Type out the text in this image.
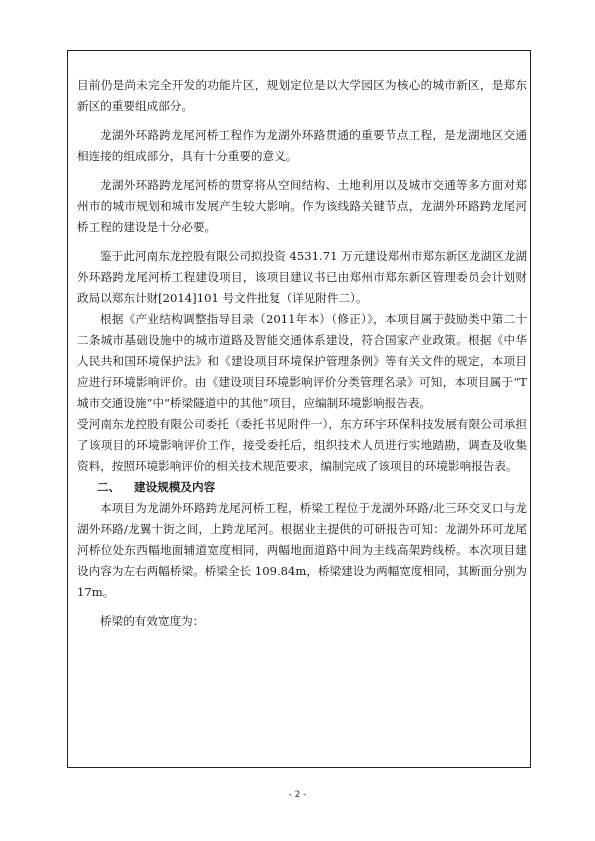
目前仍是尚未完全开发的功能片区，规划定位是以大学园区为核心的城市新区，是郑东新区的重要组成部分。

龙湖外环路跨龙尾河桥工程作为龙湖外环路贯通的重要节点工程，是龙湖地区交通相连接的组成部分，具有十分重要的意义。

龙湖外环路跨龙尾河桥的贯穿将从空间结构、土地利用以及城市交通等多方面对郑州市的城市规划和城市发展产生较大影响。作为该线路关键节点，龙湖外环路跨龙尾河桥工程的建设是十分必要。

鉴于此河南东龙控股有限公司拟投资 4531.71 万元建设郑州市郑东新区龙湖区龙湖外环路跨龙尾河桥工程建设项目，该项目建议书已由郑州市郑东新区管理委员会计划财政局以郑东计财[2014]101 号文件批复（详见附件二）。

根据《产业结构调整指导目录（2011年本）（修正）》，本项目属于鼓励类中第二十二条城市基础设施中的城市道路及智能交通体系建设，符合国家产业政策。根据《中华人民共和国环境保护法》和《建设项目环境保护管理条例》等有关文件的规定，本项目应进行环境影响评价。由《建设项目环境影响评价分类管理名录》可知，本项目属于“T城市交通设施”中“桥梁隧道中的其他”项目，应编制环境影响报告表。

受河南东龙控股有限公司委托（委托书见附件一），东方环宇环保科技发展有限公司承担了该项目的环境影响评价工作，接受委托后，组织技术人员进行实地踏勘，调查及收集资料，按照环境影响评价的相关技术规范要求，编制完成了该项目的环境影响报告表。

二、 建设规模及内容

本项目为龙湖外环路跨龙尾河桥工程，桥梁工程位于龙湖外环路/北三环交叉口与龙湖外环路/龙翼十街之间，上跨龙尾河。根据业主提供的可研报告可知：龙湖外环可龙尾河桥位处东西幅地面辅道宽度相同，两幅地面道路中间为主线高架跨线桥。本次项目建设内容为左右两幅桥梁。桥梁全长 109.84m，桥梁建设为两幅宽度相同，其断面分别为 17m。

桥梁的有效宽度为：

- 2 -
